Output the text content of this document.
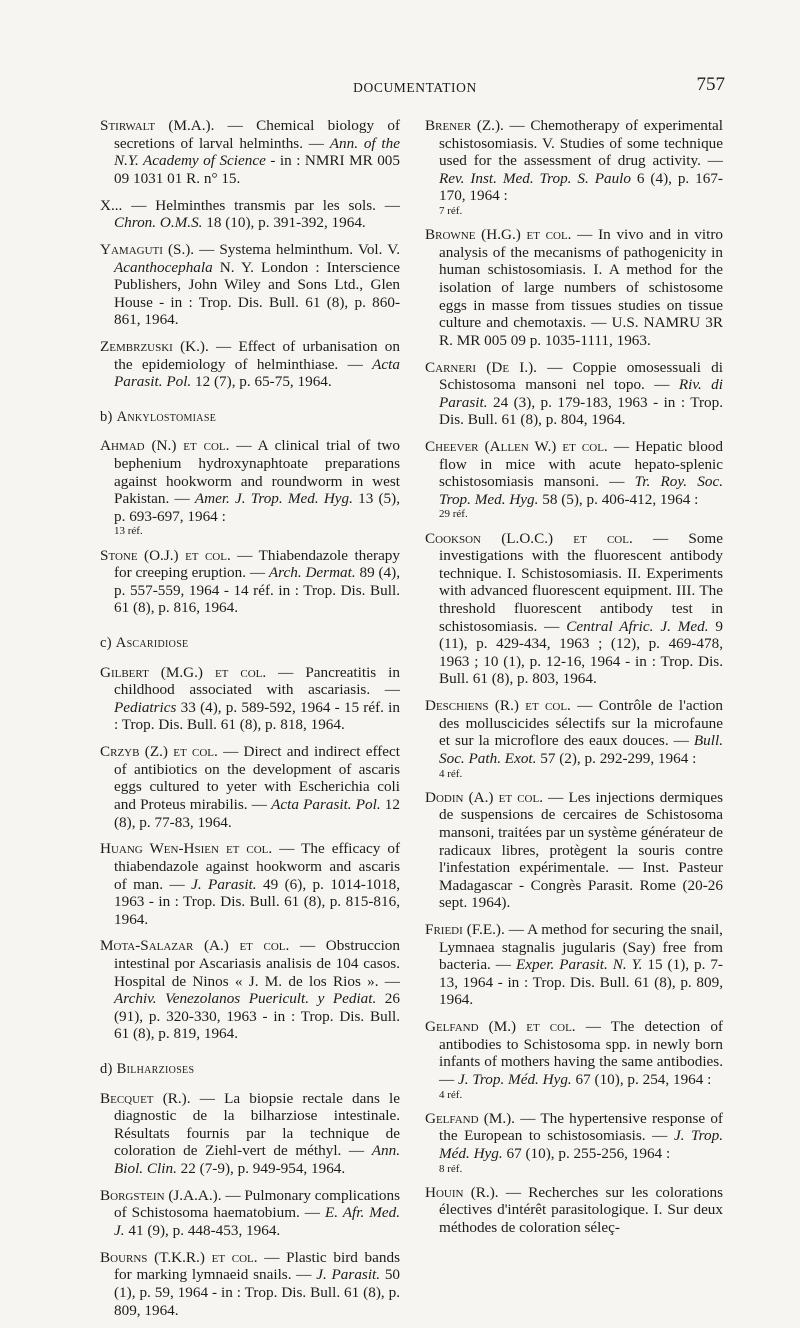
DOCUMENTATION	757

Stirwalt (M.A.). — Chemical biology of secretions of larval helminths. — Ann. of the N.Y. Academy of Science - in : NMRI MR 005 09 1031 01 R. n° 15.

X... — Helminthes transmis par les sols. — Chron. O.M.S. 18 (10), p. 391-392, 1964.

Yamaguti (S.). — Systema helminthum. Vol. V. Acanthocephala N. Y. London : Interscience Publishers, John Wiley and Sons Ltd., Glen House - in : Trop. Dis. Bull. 61 (8), p. 860-861, 1964.

Zembrzuski (K.). — Effect of urbanisation on the epidemiology of helminthiase. — Acta Parasit. Pol. 12 (7), p. 65-75, 1964.

b) Ankylostomiase

Ahmad (N.) et col. — A clinical trial of two bephenium hydroxynaphtoate preparations against hookworm and roundworm in west Pakistan. — Amer. J. Trop. Med. Hyg. 13 (5), p. 693-697, 1964 :
13 réf.

Stone (O.J.) et col. — Thiabendazole therapy for creeping eruption. — Arch. Dermat. 89 (4), p. 557-559, 1964 - 14 réf. in : Trop. Dis. Bull. 61 (8), p. 816, 1964.

c) Ascaridiose

Gilbert (M.G.) et col. — Pancreatitis in childhood associated with ascariasis. — Pediatrics 33 (4), p. 589-592, 1964 - 15 réf. in : Trop. Dis. Bull. 61 (8), p. 818, 1964.

Crzyb (Z.) et col. — Direct and indirect effect of antibiotics on the development of ascaris eggs cultured to yeter with Escherichia coli and Proteus mirabilis. — Acta Parasit. Pol. 12 (8), p. 77-83, 1964.

Huang Wen-Hsien et col. — The efficacy of thiabendazole against hookworm and ascaris of man. — J. Parasit. 49 (6), p. 1014-1018, 1963 - in : Trop. Dis. Bull. 61 (8), p. 815-816, 1964.

Mota-Salazar (A.) et col. — Obstruccion intestinal por Ascariasis analisis de 104 casos. Hospital de Ninos « J. M. de los Rios ». — Archiv. Venezolanos Puericult. y Pediat. 26 (91), p. 320-330, 1963 - in : Trop. Dis. Bull. 61 (8), p. 819, 1964.

d) Bilharzioses

Becquet (R.). — La biopsie rectale dans le diagnostic de la bilharziose intestinale. Résultats fournis par la technique de coloration de Ziehl-vert de méthyl. — Ann. Biol. Clin. 22 (7-9), p. 949-954, 1964.

Borgstein (J.A.A.). — Pulmonary complications of Schistosoma haematobium. — E. Afr. Med. J. 41 (9), p. 448-453, 1964.

Bourns (T.K.R.) et col. — Plastic bird bands for marking lymnaeid snails. — J. Parasit. 50 (1), p. 59, 1964 - in : Trop. Dis. Bull. 61 (8), p. 809, 1964.

Brener (Z.). — Chemotherapy of experimental schistosomiasis. V. Studies of some technique used for the assessment of drug activity. — Rev. Inst. Med. Trop. S. Paulo 6 (4), p. 167-170, 1964 :
7 réf.

Browne (H.G.) et col. — In vivo and in vitro analysis of the mecanisms of pathogenicity in human schistosomiasis. I. A method for the isolation of large numbers of schistosome eggs in masse from tissues studies on tissue culture and chemotaxis. — U.S. NAMRU 3R R. MR 005 09 p. 1035-1111, 1963.

Carneri (De I.). — Coppie omosessuali di Schistosoma mansoni nel topo. — Riv. di Parasit. 24 (3), p. 179-183, 1963 - in : Trop. Dis. Bull. 61 (8), p. 804, 1964.

Cheever (Allen W.) et col. — Hepatic blood flow in mice with acute hepato-splenic schistosomiasis mansoni. — Tr. Roy. Soc. Trop. Med. Hyg. 58 (5), p. 406-412, 1964 :
29 réf.

Cookson (L.O.C.) et col. — Some investigations with the fluorescent antibody technique. I. Schistosomiasis. II. Experiments with advanced fluorescent equipment. III. The threshold fluorescent antibody test in schistosomiasis. — Central Afric. J. Med. 9 (11), p. 429-434, 1963 ; (12), p. 469-478, 1963 ; 10 (1), p. 12-16, 1964 - in : Trop. Dis. Bull. 61 (8), p. 803, 1964.

Deschiens (R.) et col. — Contrôle de l'action des molluscicides sélectifs sur la microfaune et sur la microflore des eaux douces. — Bull. Soc. Path. Exot. 57 (2), p. 292-299, 1964 :
4 réf.

Dodin (A.) et col. — Les injections dermiques de suspensions de cercaires de Schistosoma mansoni, traitées par un système générateur de radicaux libres, protègent la souris contre l'infestation expérimentale. — Inst. Pasteur Madagascar - Congrès Parasit. Rome (20-26 sept. 1964).

Friedi (F.E.). — A method for securing the snail, Lymnaea stagnalis jugularis (Say) free from bacteria. — Exper. Parasit. N. Y. 15 (1), p. 7-13, 1964 - in : Trop. Dis. Bull. 61 (8), p. 809, 1964.

Gelfand (M.) et col. — The detection of antibodies to Schistosoma spp. in newly born infants of mothers having the same antibodies. — J. Trop. Méd. Hyg. 67 (10), p. 254, 1964 :
4 réf.

Gelfand (M.). — The hypertensive response of the European to schistosomiasis. — J. Trop. Méd. Hyg. 67 (10), p. 255-256, 1964 :
8 réf.

Houin (R.). — Recherches sur les colorations électives d'intérêt parasitologique. I. Sur deux méthodes de coloration séleç-
